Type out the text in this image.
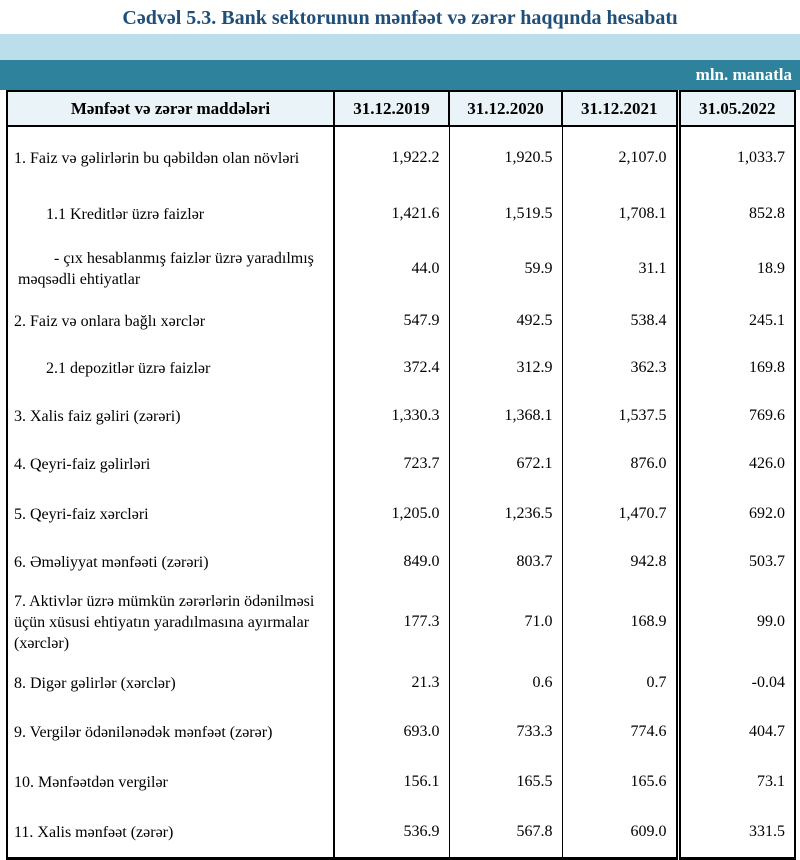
Cədvəl 5.3. Bank sektorunun mənfəət və zərər haqqında hesabatı
mln. manatla
Mənfəət və zərər maddələri	31.12.2019	31.12.2020	31.12.2021	31.05.2022
1. Faiz və gəlirlərin bu qəbildən olan növləri	1,922.2	1,920.5	2,107.0	1,033.7
1.1 Kreditlər üzrə faizlər	1,421.6	1,519.5	1,708.1	852.8
- çıx hesablanmış faizlər üzrə yaradılmış məqsədli ehtiyatlar	44.0	59.9	31.1	18.9
2. Faiz və onlara bağlı xərclər	547.9	492.5	538.4	245.1
2.1 depozitlər üzrə faizlər	372.4	312.9	362.3	169.8
3. Xalis faiz gəliri (zərəri)	1,330.3	1,368.1	1,537.5	769.6
4. Qeyri-faiz gəlirləri	723.7	672.1	876.0	426.0
5. Qeyri-faiz xərcləri	1,205.0	1,236.5	1,470.7	692.0
6. Əməliyyat mənfəəti (zərəri)	849.0	803.7	942.8	503.7
7. Aktivlər üzrə mümkün zərərlərin ödənilməsi üçün xüsusi ehtiyatın yaradılmasına ayırmalar (xərclər)	177.3	71.0	168.9	99.0
8. Digər gəlirlər (xərclər)	21.3	0.6	0.7	-0.04
9. Vergilər ödənilənədək mənfəət (zərər)	693.0	733.3	774.6	404.7
10. Mənfəətdən vergilər	156.1	165.5	165.6	73.1
11. Xalis mənfəət (zərər)	536.9	567.8	609.0	331.5
